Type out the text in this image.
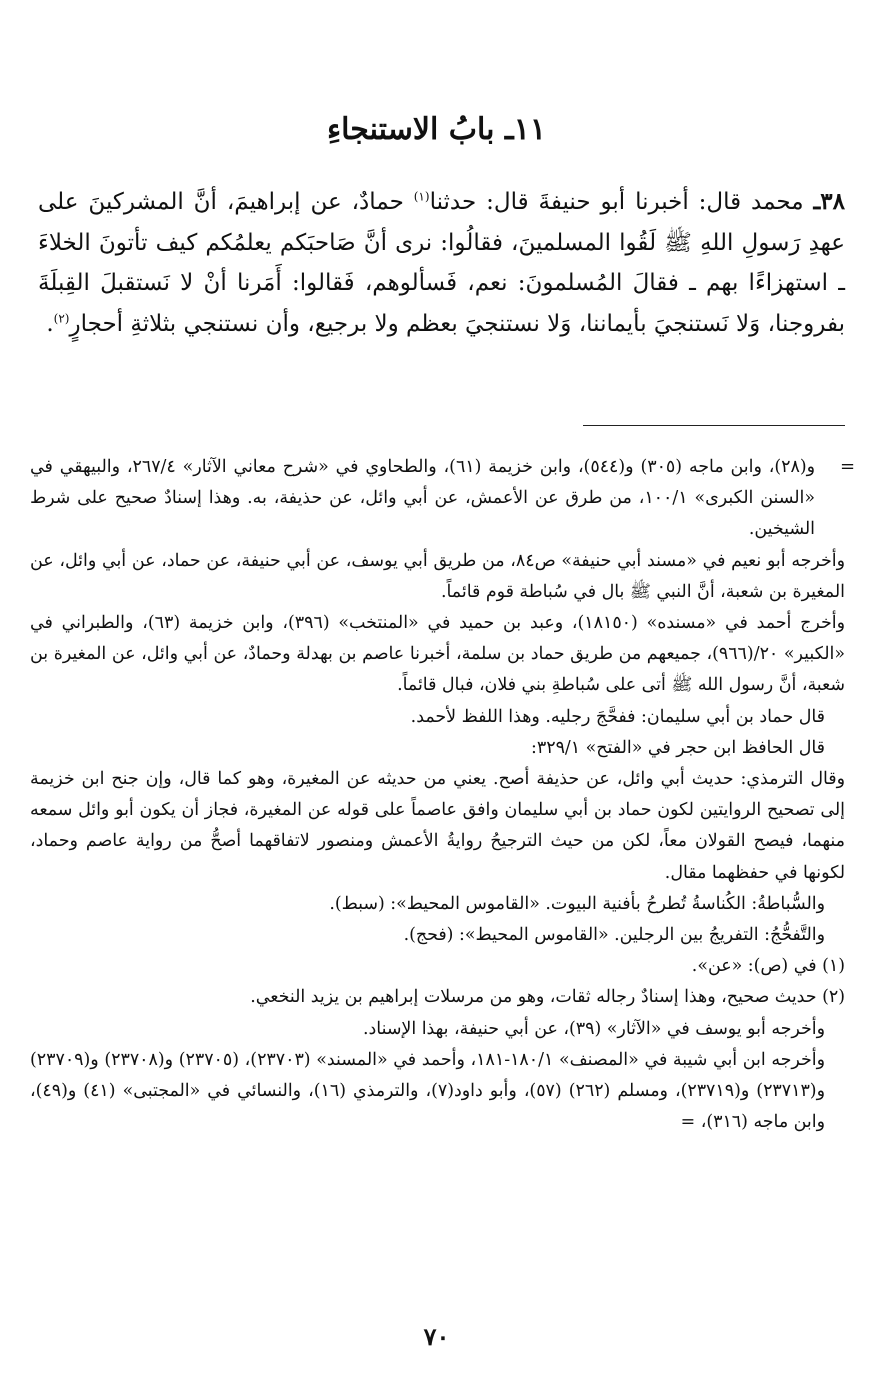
١١ـ بابُ الاستنجاءِ
٣٨ـ محمد قال: أخبرنا أبو حنيفةَ قال: حدثنا$^{(١)}$ حمادٌ، عن إبراهيمَ، أنَّ المشركينَ على عهدِ رَسولِ اللهِ ﷺ لَقُوا المسلمينَ، فقالُوا: نرى أنَّ صَاحبَكم يعلمُكم كيف تأتونَ الخلاءَ ـ استهزاءًا بهم ـ فقالَ المُسلمونَ: نعم، فَسألوهم، فَقالوا: أَمَرنا أنْ لا نَستقبلَ القِبلَةَ بفروجنا، وَلا نَستنجيَ بأيماننا، وَلا نستنجيَ بعظم ولا برجيع، وأن نستنجي بثلاثةِ أحجارٍ$^{(٢)}$.
=

و(٢٨)، وابن ماجه (٣٠٥) و(٥٤٤)، وابن خزيمة (٦١)، والطحاوي في «شرح معاني الآثار» ٢٦٧/٤، والبيهقي في «السنن الكبرى» ١٠٠/١، من طرق عن الأعمش، عن أبي وائل، عن حذيفة، به. وهذا إسنادٌ صحيح على شرط الشيخين.

وأخرجه أبو نعيم في «مسند أبي حنيفة» ص٨٤، من طريق أبي يوسف، عن أبي حنيفة، عن حماد، عن أبي وائل، عن المغيرة بن شعبة، أنَّ النبي ﷺ بال في سُباطة قوم قائماً.

وأخرج أحمد في «مسنده» (١٨١٥٠)، وعبد بن حميد في «المنتخب» (٣٩٦)، وابن خزيمة (٦٣)، والطبراني في «الكبير» ٢٠/(٩٦٦)، جميعهم من طريق حماد بن سلمة، أخبرنا عاصم بن بهدلة وحمادٌ، عن أبي وائل، عن المغيرة بن شعبة، أنَّ رسول الله ﷺ أتى على سُباطةِ بني فلان، فبال قائماً.

قال حماد بن أبي سليمان: ففحَّجَ رجليه. وهذا اللفظ لأحمد.

قال الحافظ ابن حجر في «الفتح» ٣٢٩/١:

وقال الترمذي: حديث أبي وائل، عن حذيفة أصح. يعني من حديثه عن المغيرة، وهو كما قال، وإن جنح ابن خزيمة إلى تصحيح الروايتين لكون حماد بن أبي سليمان وافق عاصماً على قوله عن المغيرة، فجاز أن يكون أبو وائل سمعه منهما، فيصح القولان معاً، لكن من حيث الترجيحُ روايةُ الأعمش ومنصور لاتفاقهما أصحُّ من رواية عاصم وحماد، لكونها في حفظهما مقال.

والسُّباطةُ: الكُناسةُ تُطرحُ بأفنية البيوت. «القاموس المحيط»: (سبط).

والتَّفحُّجُ: التفريجُ بين الرجلين. «القاموس المحيط»: (فحج).

(١) في (ص): «عن».

(٢) حديث صحيح، وهذا إسنادٌ رجاله ثقات، وهو من مرسلات إبراهيم بن يزيد النخعي.

وأخرجه أبو يوسف في «الآثار» (٣٩)، عن أبي حنيفة، بهذا الإسناد.

وأخرجه ابن أبي شيبة في «المصنف» ١٨٠/١-١٨١، وأحمد في «المسند» (٢٣٧٠٣)، (٢٣٧٠٥) و(٢٣٧٠٨) و(٢٣٧٠٩) و(٢٣٧١٣) و(٢٣٧١٩)، ومسلم (٢٦٢) (٥٧)، وأبو داود(٧)، والترمذي (١٦)، والنسائي في «المجتبى» (٤١) و(٤٩)، وابن ماجه (٣١٦)، =

٧٠
